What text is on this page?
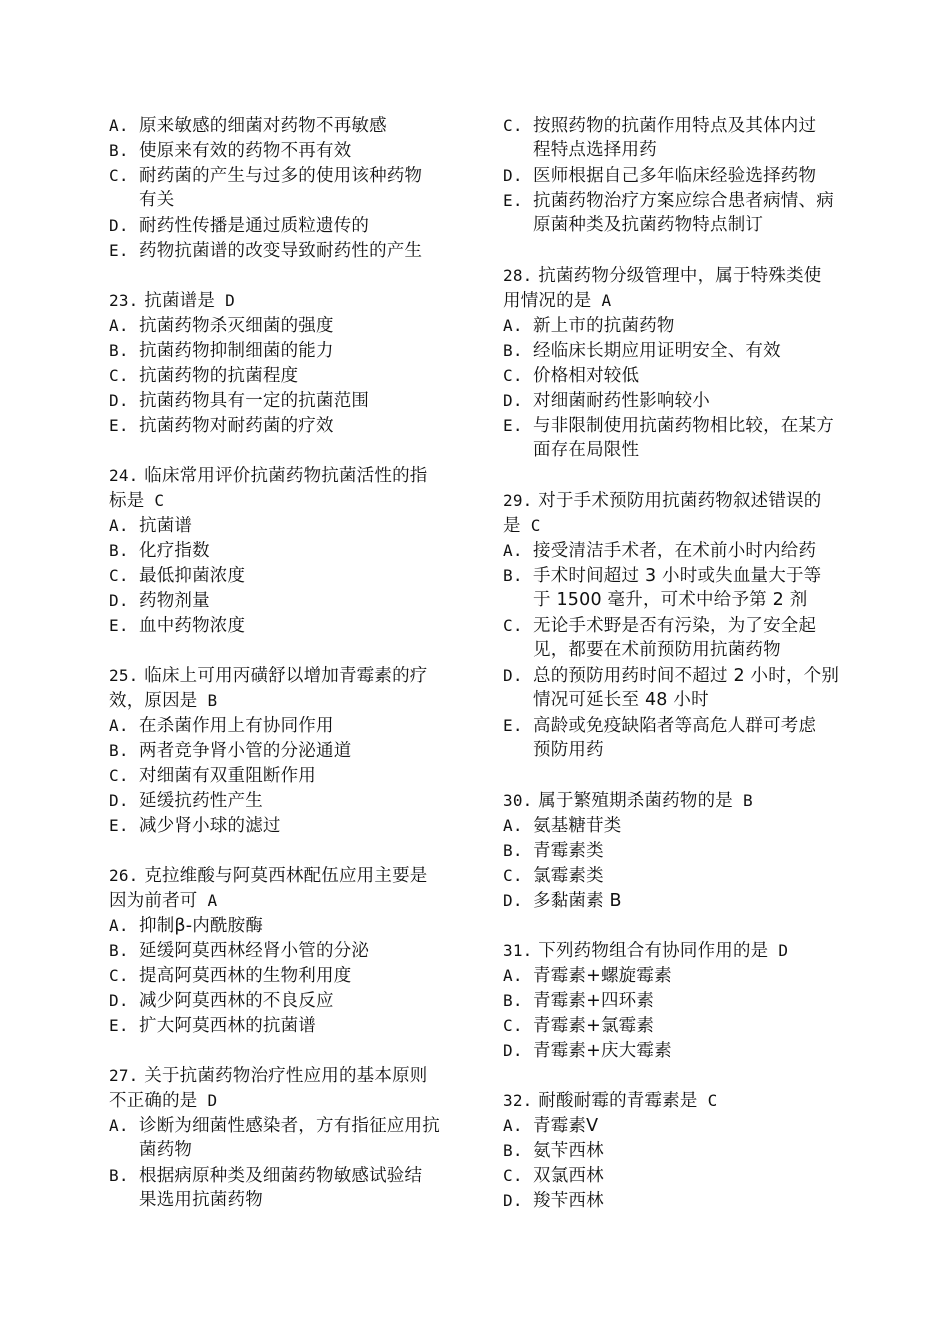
A. 原来敏感的细菌对药物不再敏感
B. 使原来有效的药物不再有效
C. 耐药菌的产生与过多的使用该种药物
有关
D. 耐药性传播是通过质粒遗传的
E. 药物抗菌谱的改变导致耐药性的产生
23. 抗菌谱是 D
A. 抗菌药物杀灭细菌的强度
B. 抗菌药物抑制细菌的能力
C. 抗菌药物的抗菌程度
D. 抗菌药物具有一定的抗菌范围
E. 抗菌药物对耐药菌的疗效
24. 临床常用评价抗菌药物抗菌活性的指
标是 C
A. 抗菌谱
B. 化疗指数
C. 最低抑菌浓度
D. 药物剂量
E. 血中药物浓度
25. 临床上可用丙磺舒以增加青霉素的疗
效，原因是 B
A. 在杀菌作用上有协同作用
B. 两者竞争肾小管的分泌通道
C. 对细菌有双重阻断作用
D. 延缓抗药性产生
E. 减少肾小球的滤过
26. 克拉维酸与阿莫西林配伍应用主要是
因为前者可 A
A. 抑制β-内酰胺酶
B. 延缓阿莫西林经肾小管的分泌
C. 提高阿莫西林的生物利用度
D. 减少阿莫西林的不良反应
E. 扩大阿莫西林的抗菌谱
27. 关于抗菌药物治疗性应用的基本原则
不正确的是 D
A. 诊断为细菌性感染者，方有指征应用抗
菌药物
B. 根据病原种类及细菌药物敏感试验结
果选用抗菌药物
C. 按照药物的抗菌作用特点及其体内过
程特点选择用药
D. 医师根据自己多年临床经验选择药物
E. 抗菌药物治疗方案应综合患者病情、病
原菌种类及抗菌药物特点制订
28. 抗菌药物分级管理中，属于特殊类使
用情况的是 A
A. 新上市的抗菌药物
B. 经临床长期应用证明安全、有效
C. 价格相对较低
D. 对细菌耐药性影响较小
E. 与非限制使用抗菌药物相比较，在某方
面存在局限性
29. 对于手术预防用抗菌药物叙述错误的
是 C
A. 接受清洁手术者，在术前小时内给药
B. 手术时间超过 3 小时或失血量大于等
于 1500 毫升，可术中给予第 2 剂
C. 无论手术野是否有污染，为了安全起
见，都要在术前预防用抗菌药物
D. 总的预防用药时间不超过 2 小时，个别
情况可延长至 48 小时
E. 高龄或免疫缺陷者等高危人群可考虑
预防用药
30. 属于繁殖期杀菌药物的是 B
A. 氨基糖苷类
B. 青霉素类
C. 氯霉素类
D. 多黏菌素 B
31. 下列药物组合有协同作用的是 D
A. 青霉素+螺旋霉素
B. 青霉素+四环素
C. 青霉素+氯霉素
D. 青霉素+庆大霉素
32. 耐酸耐霉的青霉素是 C
A. 青霉素Ⅴ
B. 氨苄西林
C. 双氯西林
D. 羧苄西林
